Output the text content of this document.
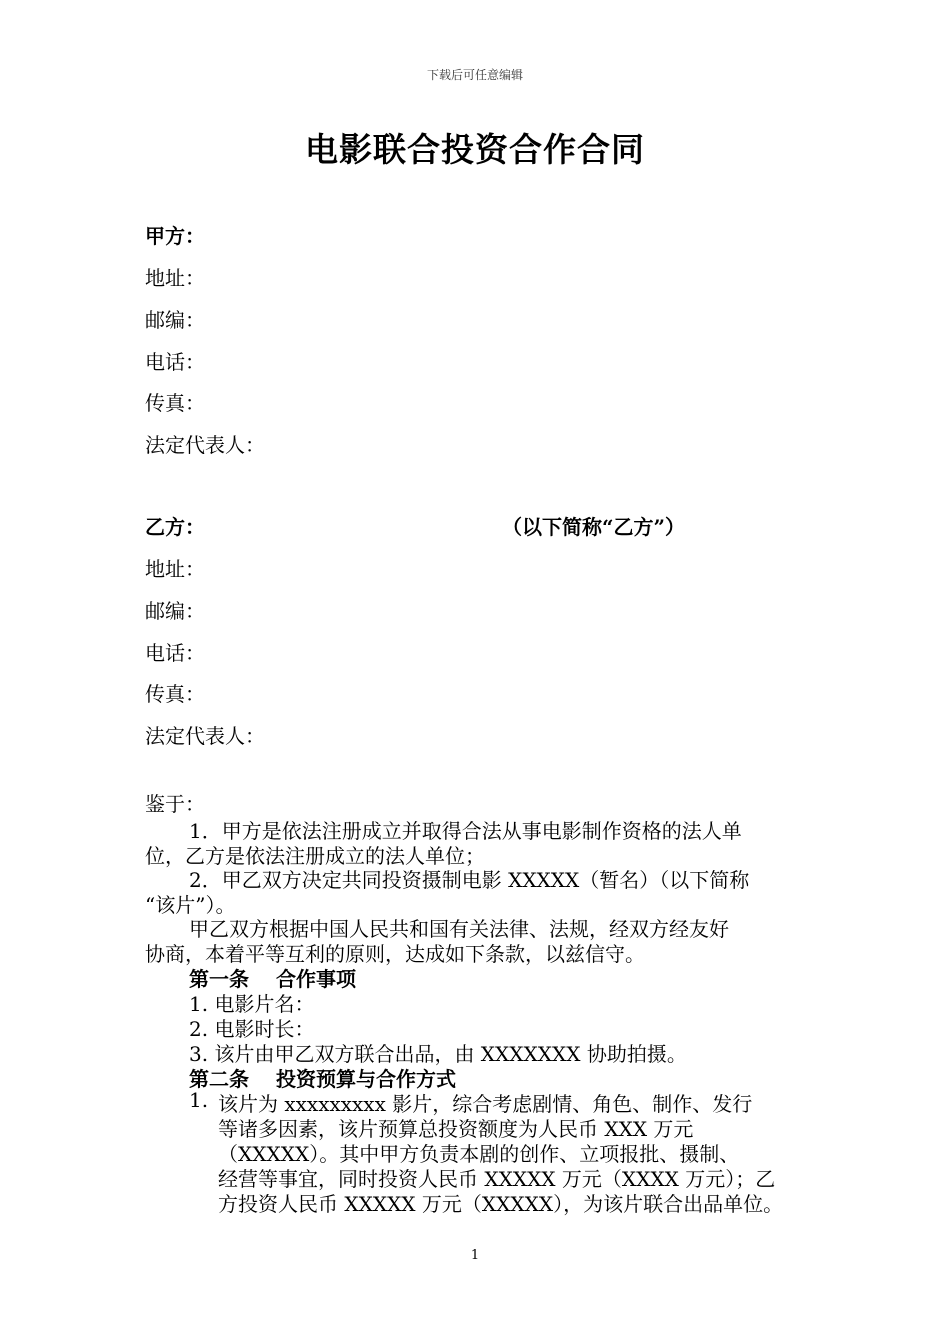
下载后可任意编辑
电影联合投资合作合同
甲方：
地址：
邮编：
电话：
传真：
法定代表人：
乙方：	（以下简称“乙方”）
地址：
邮编：
电话：
传真：
法定代表人：
鉴于：
1．甲方是依法注册成立并取得合法从事电影制作资格的法人单
位，乙方是依法注册成立的法人单位；
2．甲乙双方决定共同投资摄制电影 XXXXX（暂名）（以下简称
“该片”）。
甲乙双方根据中国人民共和国有关法律、法规，经双方经友好
协商，本着平等互利的原则，达成如下条款，以兹信守。
第一条　 合作事项
1. 电影片名：
2. 电影时长：
3. 该片由甲乙双方联合出品，由 XXXXXXX 协助拍摄。
第二条　 投资预算与合作方式
1. 该片为 xxxxxxxxx 影片，综合考虑剧情、角色、制作、发行
等诸多因素，该片预算总投资额度为人民币 XXX 万元
（XXXXX）。其中甲方负责本剧的创作、立项报批、摄制、
经营等事宜，同时投资人民币 XXXXX 万元（XXXX 万元）；乙
方投资人民币 XXXXX 万元（XXXXX），为该片联合出品单位。
1
